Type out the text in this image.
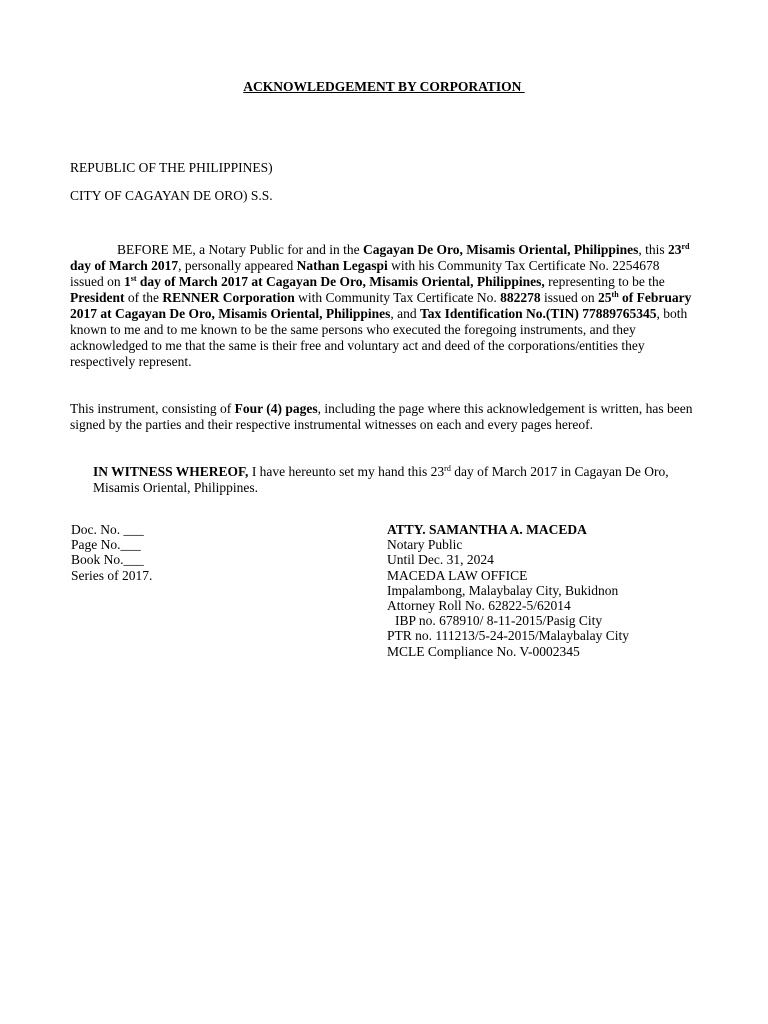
ACKNOWLEDGEMENT BY CORPORATION
REPUBLIC OF THE PHILIPPINES)
CITY OF CAGAYAN DE ORO) S.S.
BEFORE ME, a Notary Public for and in the Cagayan De Oro, Misamis Oriental, Philippines, this 23rd day of March 2017, personally appeared Nathan Legaspi with his Community Tax Certificate No. 2254678 issued on 1st day of March 2017 at Cagayan De Oro, Misamis Oriental, Philippines, representing to be the President of the RENNER Corporation with Community Tax Certificate No. 882278 issued on 25th of February 2017 at Cagayan De Oro, Misamis Oriental, Philippines, and Tax Identification No.(TIN) 77889765345, both known to me and to me known to be the same persons who executed the foregoing instruments, and they acknowledged to me that the same is their free and voluntary act and deed of the corporations/entities they respectively represent.
This instrument, consisting of Four (4) pages, including the page where this acknowledgement is written, has been signed by the parties and their respective instrumental witnesses on each and every pages hereof.
IN WITNESS WHEREOF, I have hereunto set my hand this 23rd day of March 2017 in Cagayan De Oro, Misamis Oriental, Philippines.
Doc. No. ___
Page No.___
Book No.___
Series of 2017.
ATTY. SAMANTHA A. MACEDA
Notary Public
Until Dec. 31, 2024
MACEDA LAW OFFICE
Impalambong, Malaybalay City, Bukidnon
Attorney Roll No. 62822-5/62014
IBP no. 678910/ 8-11-2015/Pasig City
PTR no. 111213/5-24-2015/Malaybalay City
MCLE Compliance No. V-0002345
